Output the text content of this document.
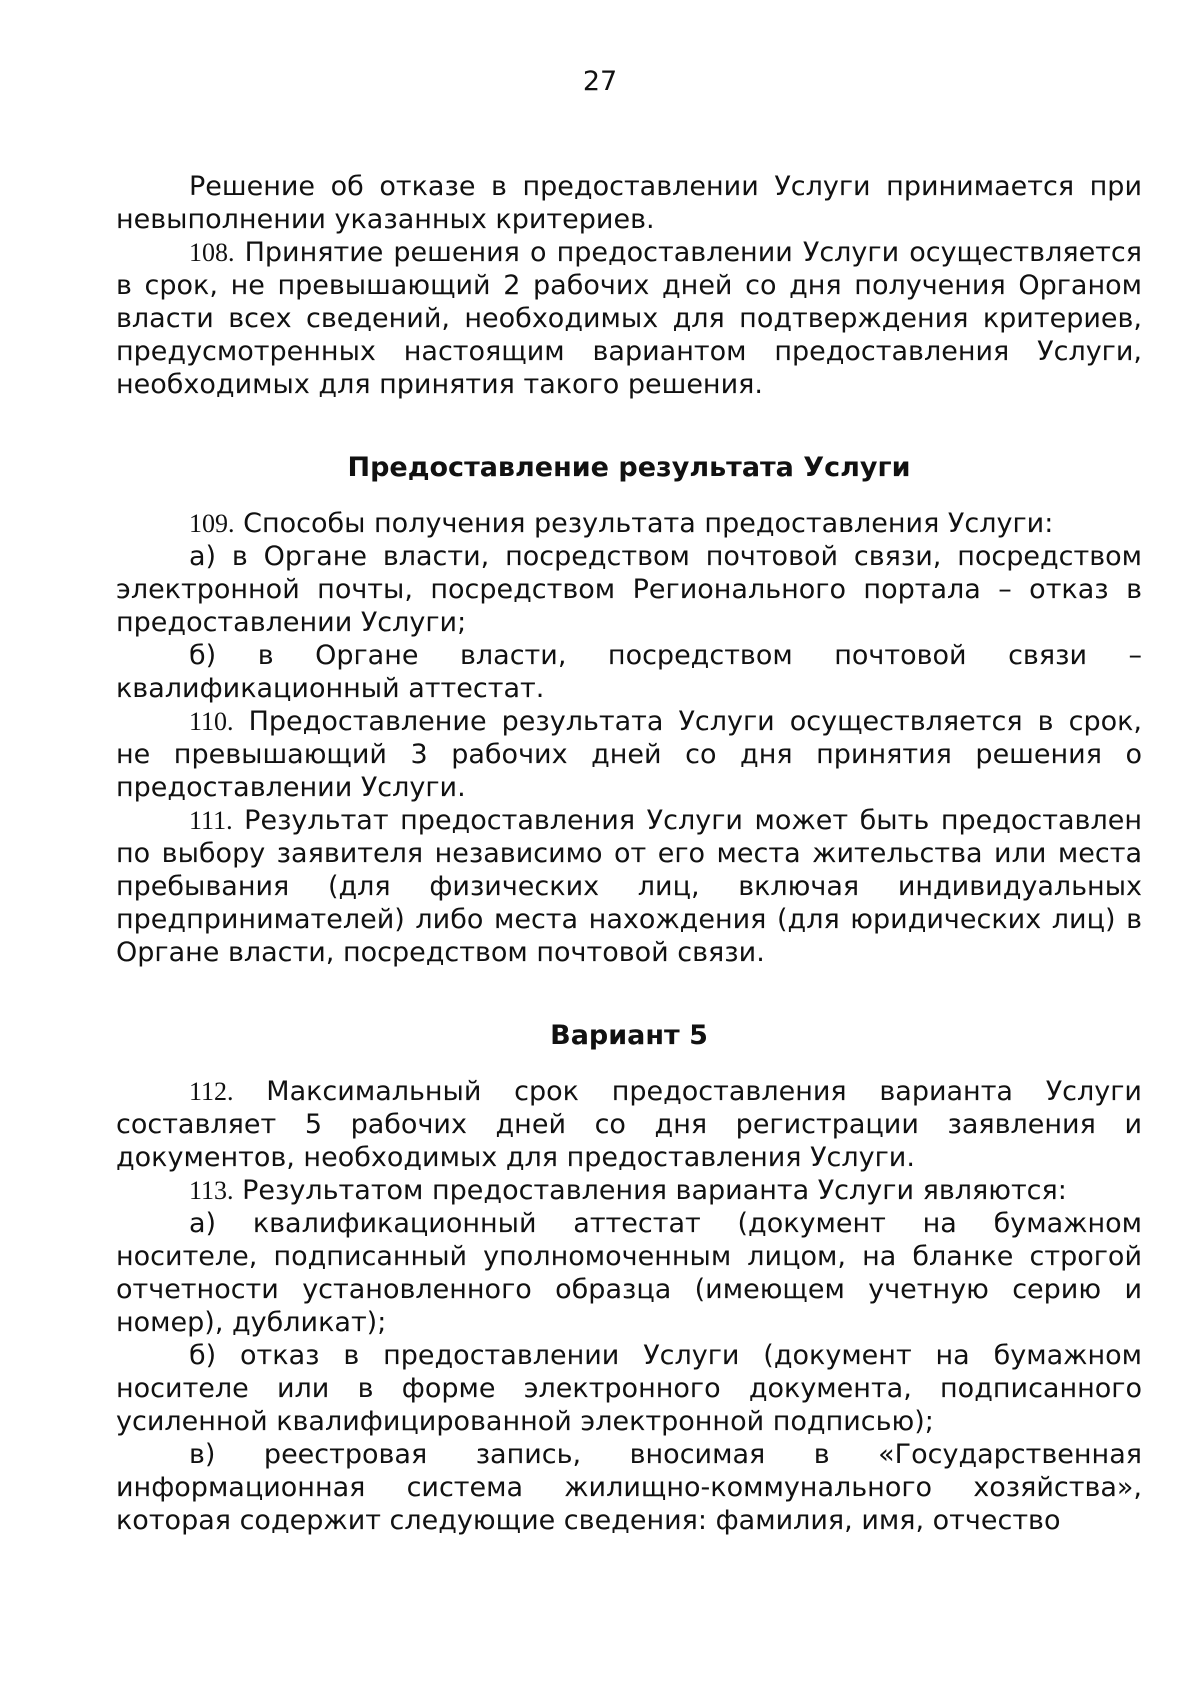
27

Решение об отказе в предоставлении Услуги принимается при невыполнении указанных критериев.

108. Принятие решения о предоставлении Услуги осуществляется в срок, не превышающий 2 рабочих дней со дня получения Органом власти всех сведений, необходимых для подтверждения критериев, предусмотренных настоящим вариантом предоставления Услуги, необходимых для принятия такого решения.

Предоставление результата Услуги

109. Способы получения результата предоставления Услуги:

а) в Органе власти, посредством почтовой связи, посредством электронной почты, посредством Регионального портала – отказ в предоставлении Услуги;

б) в Органе власти, посредством почтовой связи – квалификационный аттестат.

110. Предоставление результата Услуги осуществляется в срок, не превышающий 3 рабочих дней со дня принятия решения о предоставлении Услуги.

111. Результат предоставления Услуги может быть предоставлен по выбору заявителя независимо от его места жительства или места пребывания (для физических лиц, включая индивидуальных предпринимателей) либо места нахождения (для юридических лиц) в Органе власти, посредством почтовой связи.

Вариант 5

112. Максимальный срок предоставления варианта Услуги составляет 5 рабочих дней со дня регистрации заявления и документов, необходимых для предоставления Услуги.

113. Результатом предоставления варианта Услуги являются:

а) квалификационный аттестат (документ на бумажном носителе, подписанный уполномоченным лицом, на бланке строгой отчетности установленного образца (имеющем учетную серию и номер), дубликат);

б) отказ в предоставлении Услуги (документ на бумажном носителе или в форме электронного документа, подписанного усиленной квалифицированной электронной подписью);

в) реестровая запись, вносимая в «Государственная информационная система жилищно-коммунального хозяйства», которая содержит следующие сведения: фамилия, имя, отчество
